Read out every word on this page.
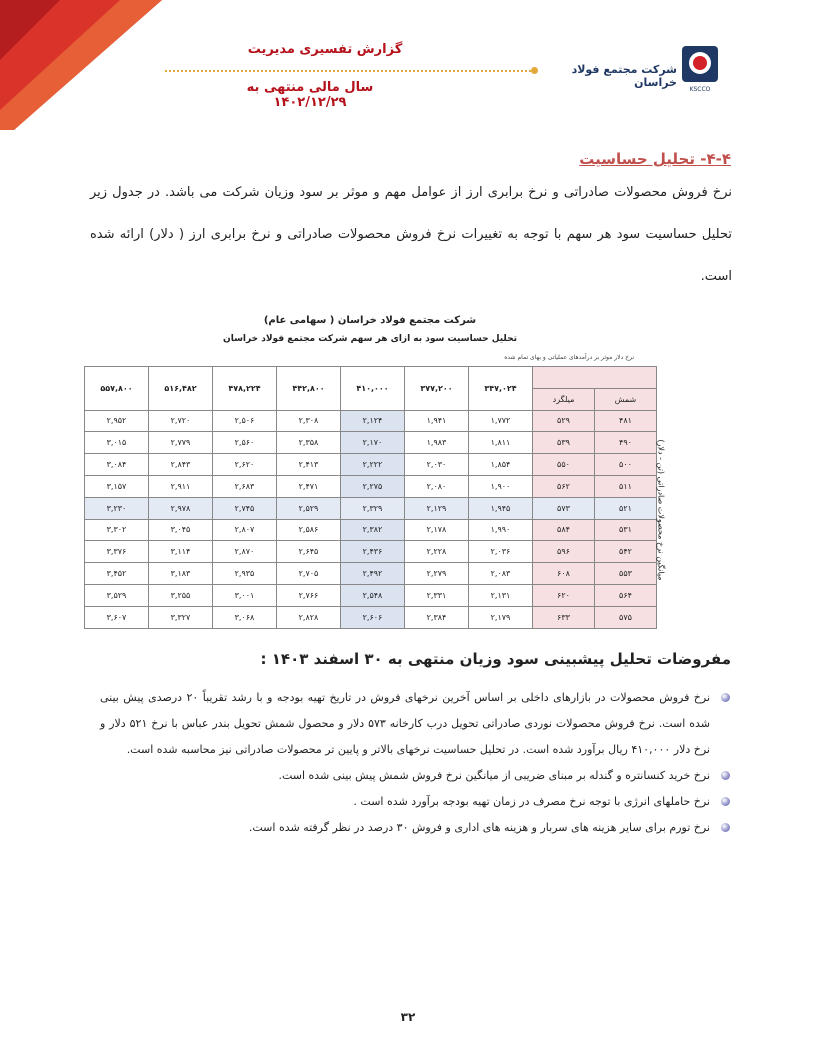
گزارش تفسیری مدیریت
سال مالی منتهی به ۱۴۰۲/۱۲/۲۹
شرکت مجتمع فولاد خراسان
KSCCO
۴-۴- تحلیل حساسیت
نرخ فروش محصولات صادراتی و نرخ برابری ارز از عوامل مهم و موثر بر سود وزیان شرکت می باشد. در جدول زیر تحلیل حساسیت سود هر سهم با توجه به تغییرات نرخ فروش محصولات صادراتی و نرخ برابری ارز ( دلار) ارائه شده است.
شرکت مجتمع فولاد خراسان ( سهامی عام)
تحلیل حساسیت سود به ازای هر سهم شرکت مجتمع فولاد خراسان
نرخ دلار موثر بر درآمدهای عملیاتی و بهای تمام شده
		۳۴۷,۰۲۴	۳۷۷,۲۰۰	۴۱۰,۰۰۰	۴۴۲,۸۰۰	۴۷۸,۲۲۴	۵۱۶,۴۸۲	۵۵۷,۸۰۰
شمش	میلگرد							
۴۸۱	۵۲۹	۱,۷۷۲	۱,۹۴۱	۲,۱۲۴	۲,۳۰۸	۲,۵۰۶	۲,۷۲۰	۲,۹۵۲
۴۹۰	۵۳۹	۱,۸۱۱	۱,۹۸۳	۲,۱۷۰	۲,۳۵۸	۲,۵۶۰	۲,۷۷۹	۳,۰۱۵
۵۰۰	۵۵۰	۱,۸۵۴	۲,۰۳۰	۲,۲۲۲	۲,۴۱۳	۲,۶۲۰	۲,۸۴۳	۳,۰۸۴
۵۱۱	۵۶۲	۱,۹۰۰	۲,۰۸۰	۲,۲۷۵	۲,۴۷۱	۲,۶۸۳	۲,۹۱۱	۳,۱۵۷
۵۲۱	۵۷۳	۱,۹۴۵	۲,۱۲۹	۲,۳۲۹	۲,۵۲۹	۲,۷۴۵	۲,۹۷۸	۳,۲۳۰
۵۳۱	۵۸۴	۱,۹۹۰	۲,۱۷۸	۲,۳۸۲	۲,۵۸۶	۲,۸۰۷	۳,۰۴۵	۳,۳۰۲
۵۴۲	۵۹۶	۲,۰۳۶	۲,۲۲۸	۲,۴۳۶	۲,۶۴۵	۲,۸۷۰	۳,۱۱۴	۳,۳۷۶
۵۵۳	۶۰۸	۲,۰۸۳	۲,۲۷۹	۲,۴۹۲	۲,۷۰۵	۲,۹۳۵	۳,۱۸۳	۳,۴۵۲
۵۶۴	۶۲۰	۲,۱۳۱	۲,۳۳۱	۲,۵۴۸	۲,۷۶۶	۳,۰۰۱	۳,۲۵۵	۳,۵۲۹
۵۷۵	۶۳۳	۲,۱۷۹	۲,۳۸۴	۲,۶۰۶	۲,۸۲۸	۳,۰۶۸	۳,۳۲۷	۳,۶۰۷
میانگین نرخ محصولات صادراتی (تن - دلار)
مفروضات تحلیل پیشبینی سود وزیان منتهی به ۳۰ اسفند ۱۴۰۳ :
نرخ فروش محصولات در بازارهای داخلی بر اساس آخرین نرخهای فروش در تاریخ تهیه بودجه و با رشد تقریباً ۲۰ درصدی پیش بینی شده است. نرخ فروش محصولات نوردی صادراتی تحویل درب کارخانه ۵۷۳ دلار و محصول شمش تحویل بندر عباس با نرخ ۵۲۱ دلار و نرخ دلار ۴۱۰,۰۰۰ ریال برآورد شده است. در تحلیل حساسیت نرخهای بالاتر و پایین تر محصولات صادراتی نیز محاسبه شده است.
نرخ خرید کنسانتره و گندله بر مبنای ضریبی از میانگین نرخ فروش شمش پیش بینی شده است.
نرخ حاملهای انرژی با توجه نرخ مصرف در زمان تهیه بودجه برآورد شده است .
نرخ تورم برای سایر هزینه های سربار و هزینه های اداری و فروش ۳۰ درصد در نظر گرفته شده است.
۳۲
